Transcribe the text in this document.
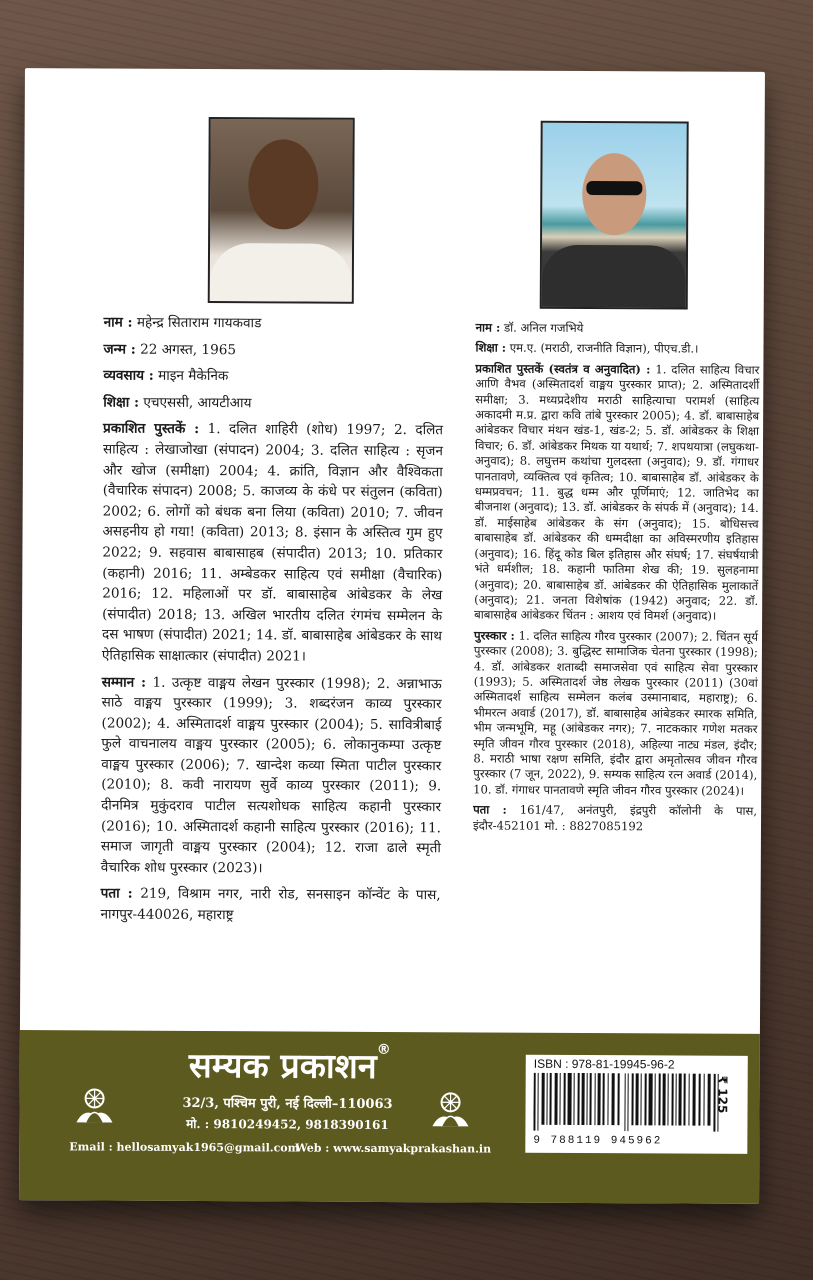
नाम : महेन्द्र सिताराम गायकवाड

जन्म : 22 अगस्त, 1965

व्यवसाय : माइन मैकेनिक

शिक्षा : एचएससी, आयटीआय

प्रकाशित पुस्तकें : 1. दलित शाहिरी (शोध) 1997; 2. दलित साहित्य : लेखाजोखा (संपादन) 2004; 3. दलित साहित्य : सृजन और खोज (समीक्षा) 2004; 4. क्रांति, विज्ञान और वैश्विकता (वैचारिक संपादन) 2008; 5. काजव्य के कंधे पर संतुलन (कविता) 2002; 6. लोगों को बंधक बना लिया (कविता) 2010; 7. जीवन असहनीय हो गया! (कविता) 2013; 8. इंसान के अस्तित्व गुम हुए 2022; 9. सहवास बाबासाहब (संपादीत) 2013; 10. प्रतिकार (कहानी) 2016; 11. अम्बेडकर साहित्य एवं समीक्षा (वैचारिक) 2016; 12. महिलाओं पर डॉ. बाबासाहेब आंबेडकर के लेख (संपादीत) 2018; 13. अखिल भारतीय दलित रंगमंच सम्मेलन के दस भाषण (संपादीत) 2021; 14. डॉ. बाबासाहेब आंबेडकर के साथ ऐतिहासिक साक्षात्कार (संपादीत) 2021।

सम्मान : 1. उत्कृष्ट वाङ्मय लेखन पुरस्कार (1998); 2. अन्नाभाऊ साठे वाङ्मय पुरस्कार (1999); 3. शब्दरंजन काव्य पुरस्कार (2002); 4. अस्मितादर्श वाङ्मय पुरस्कार (2004); 5. सावित्रीबाई फुले वाचनालय वाङ्मय पुरस्कार (2005); 6. लोकानुकम्पा उत्कृष्ट वाङ्मय पुरस्कार (2006); 7. खान्देश कव्या स्मिता पाटील पुरस्कार (2010); 8. कवी नारायण सुर्वे काव्य पुरस्कार (2011); 9. दीनमित्र मुकुंदराव पाटील सत्यशोधक साहित्य कहानी पुरस्कार (2016); 10. अस्मितादर्श कहानी साहित्य पुरस्कार (2016); 11. समाज जागृती वाङ्मय पुरस्कार (2004); 12. राजा ढाले स्मृती वैचारिक शोध पुरस्कार (2023)।

पता : 219, विश्राम नगर, नारी रोड, सनसाइन कॉन्वेंट के पास, नागपुर-440026, महाराष्ट्र

नाम : डॉ. अनिल गजभिये

शिक्षा : एम.ए. (मराठी, राजनीति विज्ञान), पीएच.डी.।

प्रकाशित पुस्तकें (स्वतंत्र व अनुवादित) : 1. दलित साहित्य विचार आणि वैभव (अस्मितादर्श वाङ्मय पुरस्कार प्राप्त); 2. अस्मितादर्शी समीक्षा; 3. मध्यप्रदेशीय मराठी साहित्याचा परामर्श (साहित्य अकादमी म.प्र. द्वारा कवि तांबे पुरस्कार 2005); 4. डॉ. बाबासाहेब आंबेडकर विचार मंथन खंड-1, खंड-2; 5. डॉ. आंबेडकर के शिक्षा विचार; 6. डॉ. आंबेडकर मिथक या यथार्थ; 7. शपथयात्रा (लघुकथा-अनुवाद); 8. लघुत्तम कथांचा गुलदस्ता (अनुवाद); 9. डॉ. गंगाधर पानतावणे, व्यक्तित्व एवं कृतित्व; 10. बाबासाहेब डॉ. आंबेडकर के धम्मप्रवचन; 11. बुद्ध धम्म और पूर्णिमाएं; 12. जातिभेद का बीजनाश (अनुवाद); 13. डॉ. आंबेडकर के संपर्क में (अनुवाद); 14. डॉ. माईसाहेब आंबेडकर के संग (अनुवाद); 15. बोधिसत्त्व बाबासाहेब डॉ. आंबेडकर की धम्मदीक्षा का अविस्मरणीय इतिहास (अनुवाद); 16. हिंदू कोड बिल इतिहास और संघर्ष; 17. संघर्षयात्री भंते धर्मशील; 18. कहानी फातिमा शेख की; 19. सुलहनामा (अनुवाद); 20. बाबासाहेब डॉ. आंबेडकर की ऐतिहासिक मुलाकातें (अनुवाद); 21. जनता विशेषांक (1942) अनुवाद; 22. डॉ. बाबासाहेब आंबेडकर चिंतन : आशय एवं विमर्श (अनुवाद)।

पुरस्कार : 1. दलित साहित्य गौरव पुरस्कार (2007); 2. चिंतन सूर्य पुरस्कार (2008); 3. बुद्धिस्ट सामाजिक चेतना पुरस्कार (1998); 4. डॉ. आंबेडकर शताब्दी समाजसेवा एवं साहित्य सेवा पुरस्कार (1993); 5. अस्मितादर्श जेष्ठ लेखक पुरस्कार (2011) (30वां अस्मितादर्श साहित्य सम्मेलन कलंब उस्मानाबाद, महाराष्ट्र); 6. भीमरत्न अवार्ड (2017), डॉ. बाबासाहेब आंबेडकर स्मारक समिति, भीम जन्मभूमि, महू (आंबेडकर नगर); 7. नाटककार गणेश मतकर स्मृति जीवन गौरव पुरस्कार (2018), अहिल्या नाट्य मंडल, इंदौर; 8. मराठी भाषा रक्षण समिति, इंदौर द्वारा अमृतोत्सव जीवन गौरव पुरस्कार (7 जून, 2022), 9. सम्यक साहित्य रत्न अवार्ड (2014), 10. डॉ. गंगाधर पानतावणे स्मृति जीवन गौरव पुरस्कार (2024)।

पता : 161/47, अनंतपुरी, इंद्रपुरी कॉलोनी के पास, इंदौर-452101 मो. : 8827085192

सम्यक प्रकाशन®
32/3, पश्चिम पुरी, नई दिल्ली–110063
मो. : 9810249452, 9818390161
Email : hellosamyak1965@gmail.com
Web : www.samyakprakashan.in
ISBN : 978-81-19945-96-2
9 788119 945962
₹ 125
